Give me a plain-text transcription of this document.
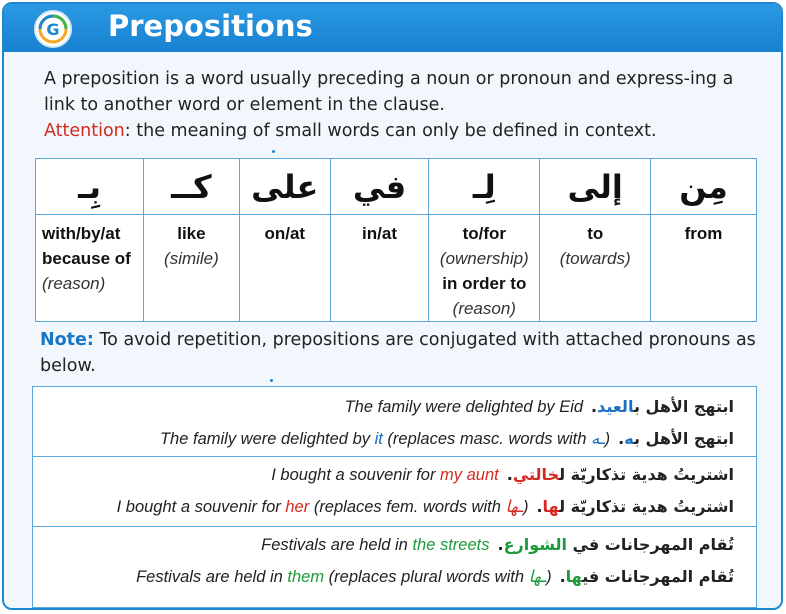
G Prepositions
A preposition is a word usually preceding a noun or pronoun and express-ing a link to another word or element in the clause.
Attention: the meaning of small words can only be defined in context.
بِـ	كــ	على	في	لِـ	إلى	مِن
with/by/at
because of
(reason)	like
(simile)	on/at	in/at	to/for
(ownership)
in order to
(reason)	to
(towards)	from
Note: To avoid repetition, prepositions are conjugated with attached pronouns as below.
The family were delighted by Eid	ابتهج الأهل بالعيد.
The family were delighted by it (replaces masc. words with ـه) ابتهج الأهل به.
I bought a souvenir for my aunt	اشتريتُ هدية تذكاريّة لخالتي.
I bought a souvenir for her (replaces fem. words with ـها) اشتريتُ هدية تذكاريّة لها.
Festivals are held in the streets	تُقام المهرجانات في الشوارع.
Festivals are held in them (replaces plural words with ـها) تُقام المهرجانات فيها.
